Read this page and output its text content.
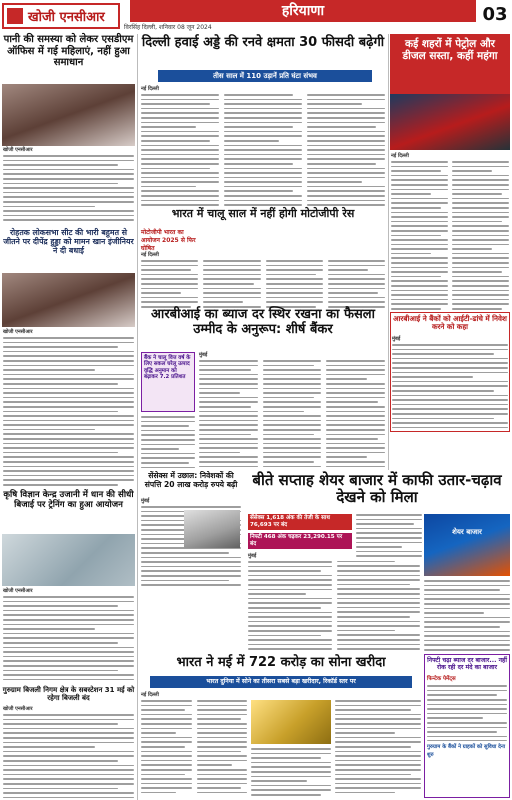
खोजी एनसीआर
विरसिंह दिल्ली, शनिवार 08 जून 2024
हरियाणा	03
पानी की समस्या को लेकर एसडीएम ऑफिस में गई महिलाएं, नहीं हुआ समाधान
खोजी एनसीआर
रोहतक लोकसभा सीट की भारी बहुमत से जीतने पर दीपेंद्र हुड्डा को मामन खान इंजीनियर ने दी बधाई
खोजी एनसीआर
कृषि विज्ञान केन्द्र उजानी में धान की सीधी बिजाई पर ट्रेनिंग का हुआ आयोजन
खोजी एनसीआर
गुरुग्राम बिजली निगम क्षेत्र के सबस्टेशन 31 मई को रहेगा बिजली बंद
खोजी एनसीआर
दिल्ली हवाई अड्डे की रनवे क्षमता 30 फीसदी बढ़ेगी
तीस साल में 110 उड़ानें प्रति घंटा संभव
नई दिल्ली
भारत में चालू साल में नहीं होगी मोटोजीपी रेस
मोटोजीपी भारत का आयोजन 2025 से फिर घोषित
नई दिल्ली
आरबीआई का ब्याज दर स्थिर रखना का फैसला उम्मीद के अनुरूप: शीर्ष बैंकर
बैंक ने चालू वित्त वर्ष के लिए सकल घरेलू उत्पाद वृद्धि अनुमान को बढ़ाकर 7.2 प्रतिशत
मुंबई
सेंसेक्स में उछाल: निवेशकों की संपत्ति 20 लाख करोड़ रुपये बढ़ी
मुंबई
बीते सप्ताह शेयर बाजार में काफी उतार-चढ़ाव देखने को मिला
सेंसेक्स 1,618 अंक की तेजी के साथ 76,693 पर बंद
निफ्टी 468 अंक चढ़कर 23,290.15 पर बंद
मुंबई
शेयर बाजार
भारत ने मई में 722 करोड़ का सोना खरीदा
भारत दुनिया में सोने का तीसरा सबसे बड़ा खरीदार, रिकॉर्ड स्तर पर
नई दिल्ली
कई शहरों में पेट्रोल और डीजल सस्ता, कहीं महंगा
नई दिल्ली
आरबीआई ने बैंकों को आईटी-ढांचे में निवेश करने को कहा
मुंबई
निफ्टी चढ़ा ब्याज दर बाजार... नहीं रोक रही दर मंदे का बाजार
फिन्टेक पेमेंट्स
गुरुग्राम के बैंकों ने ग्राहकों को सुविधा देना शुरु
